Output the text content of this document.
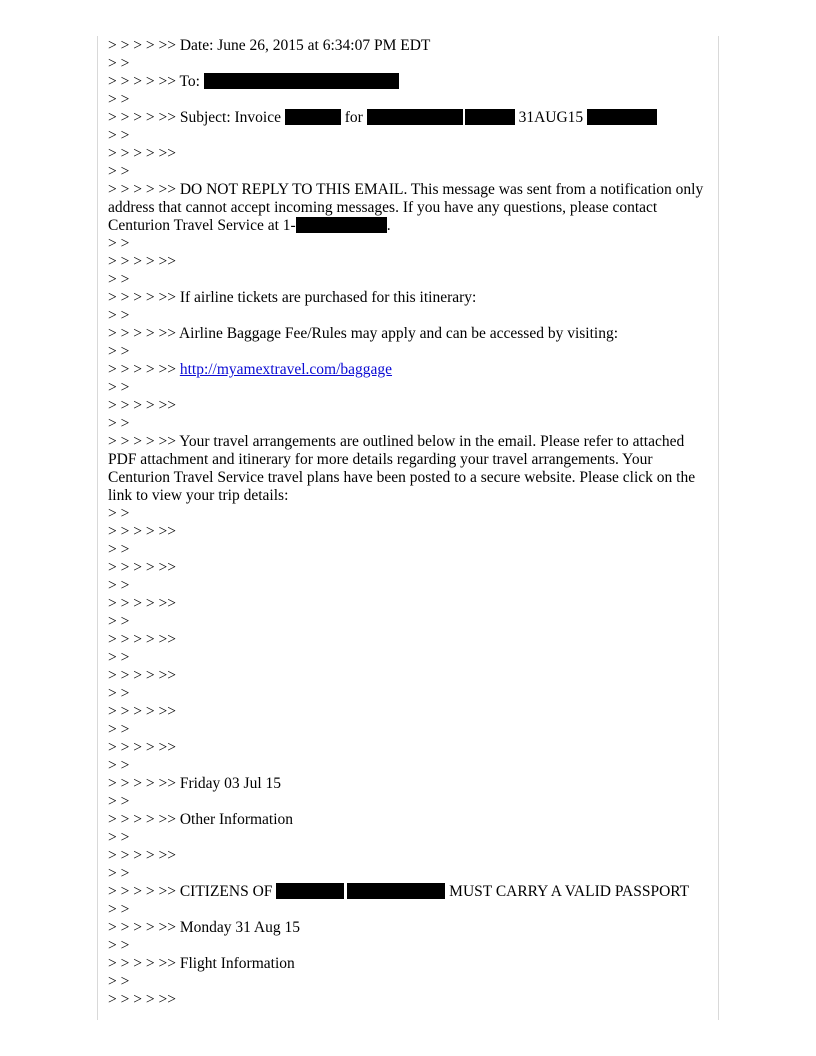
> > > > >> Date: June 26, 2015 at 6:34:07 PM EDT

> >

> > > > >> To:

> >

> > > > >> Subject: Invoice	for	31AUG15

> >

> > > > >>

> >

> > > > >> DO NOT REPLY TO THIS EMAIL. This message was sent from a notification only address that cannot accept incoming messages. If you have any questions, please contact Centurion Travel Service at 1-	.

> >

> > > > >>

> >

> > > > >> If airline tickets are purchased for this itinerary:

> >

> > > > >> Airline Baggage Fee/Rules may apply and can be accessed by visiting:

> >

> > > > >> http://myamextravel.com/baggage

> >

> > > > >>

> >

> > > > >> Your travel arrangements are outlined below in the email. Please refer to attached PDF attachment and itinerary for more details regarding your travel arrangements. Your Centurion Travel Service travel plans have been posted to a secure website. Please click on the link to view your trip details:

> >

> > > > >>

> >

> > > > >>

> >

> > > > >>

> >

> > > > >>

> >

> > > > >>

> >

> > > > >>

> >

> > > > >>

> >

> > > > >> Friday 03 Jul 15

> >

> > > > >> Other Information

> >

> > > > >>

> >

> > > > >> CITIZENS OF	MUST CARRY A VALID PASSPORT

> >

> > > > >> Monday 31 Aug 15

> >

> > > > >> Flight Information

> >

> > > > >>
